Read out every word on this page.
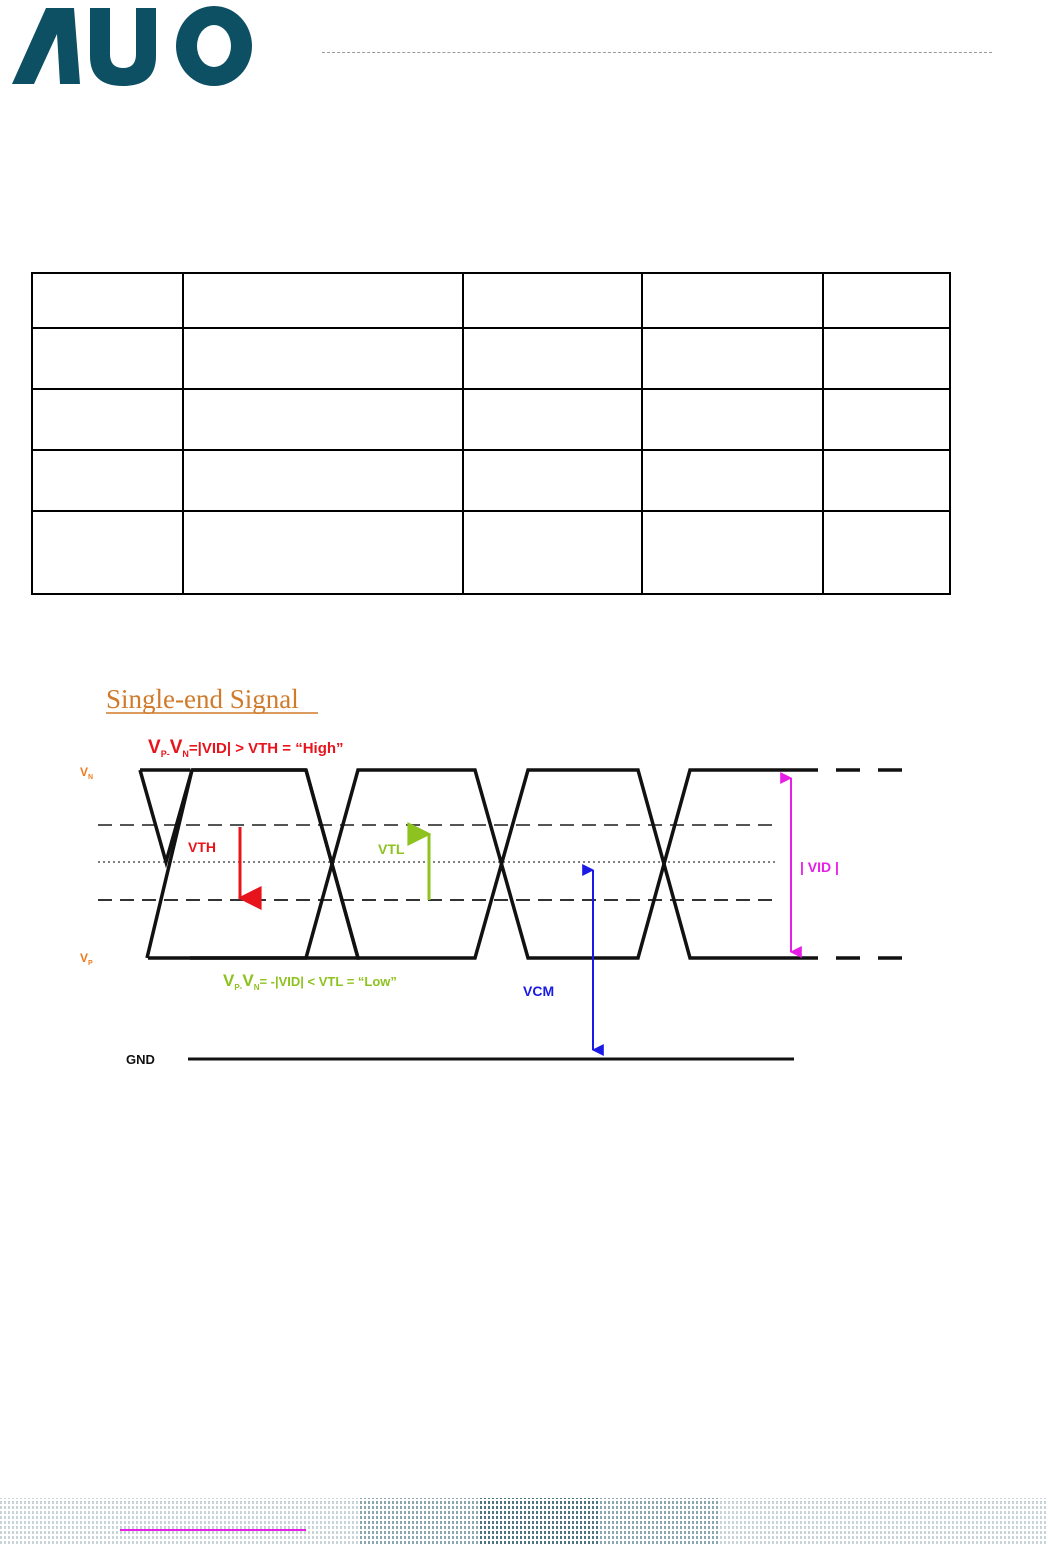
Single-end Signal
$V_{P-}V_N=|VID|$ > VTH = “High”
$V_N$
$V_P$
VTH	VTL
VCM
| VID |
$V_{P-}V_N= -|VID|$ < VTL = “Low”
GND
